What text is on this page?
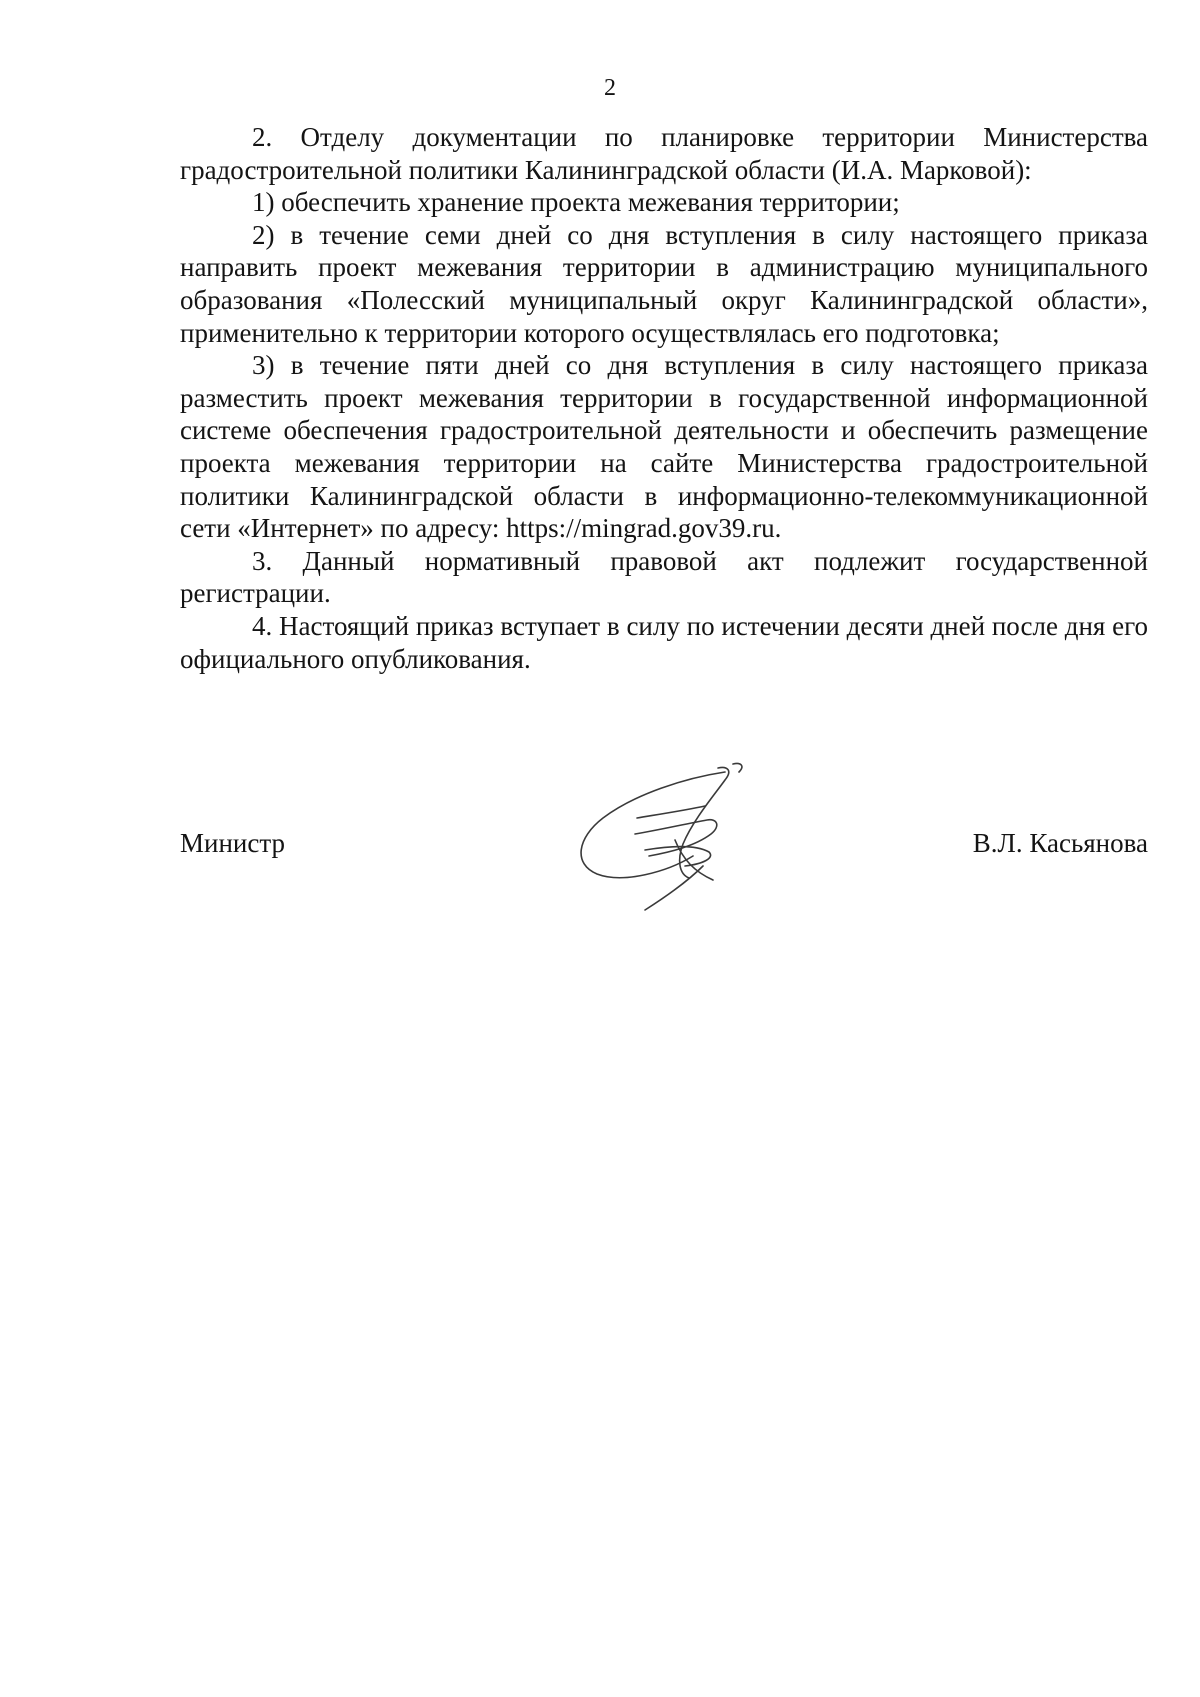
2

2. Отделу документации по планировке территории Министерства градостроительной политики Калининградской области (И.А. Марковой):

1) обеспечить хранение проекта межевания территории;

2) в течение семи дней со дня вступления в силу настоящего приказа направить проект межевания территории в администрацию муниципального образования «Полесский муниципальный округ Калининградской области», применительно к территории которого осуществлялась его подготовка;

3) в течение пяти дней со дня вступления в силу настоящего приказа разместить проект межевания территории в государственной информационной системе обеспечения градостроительной деятельности и обеспечить размещение проекта межевания территории на сайте Министерства градостроительной политики Калининградской области в информационно-телекоммуникационной сети «Интернет» по адресу: https://mingrad.gov39.ru.

3. Данный нормативный правовой акт подлежит государственной регистрации.

4. Настоящий приказ вступает в силу по истечении десяти дней после дня его официального опубликования.

Министр	В.Л. Касьянова
